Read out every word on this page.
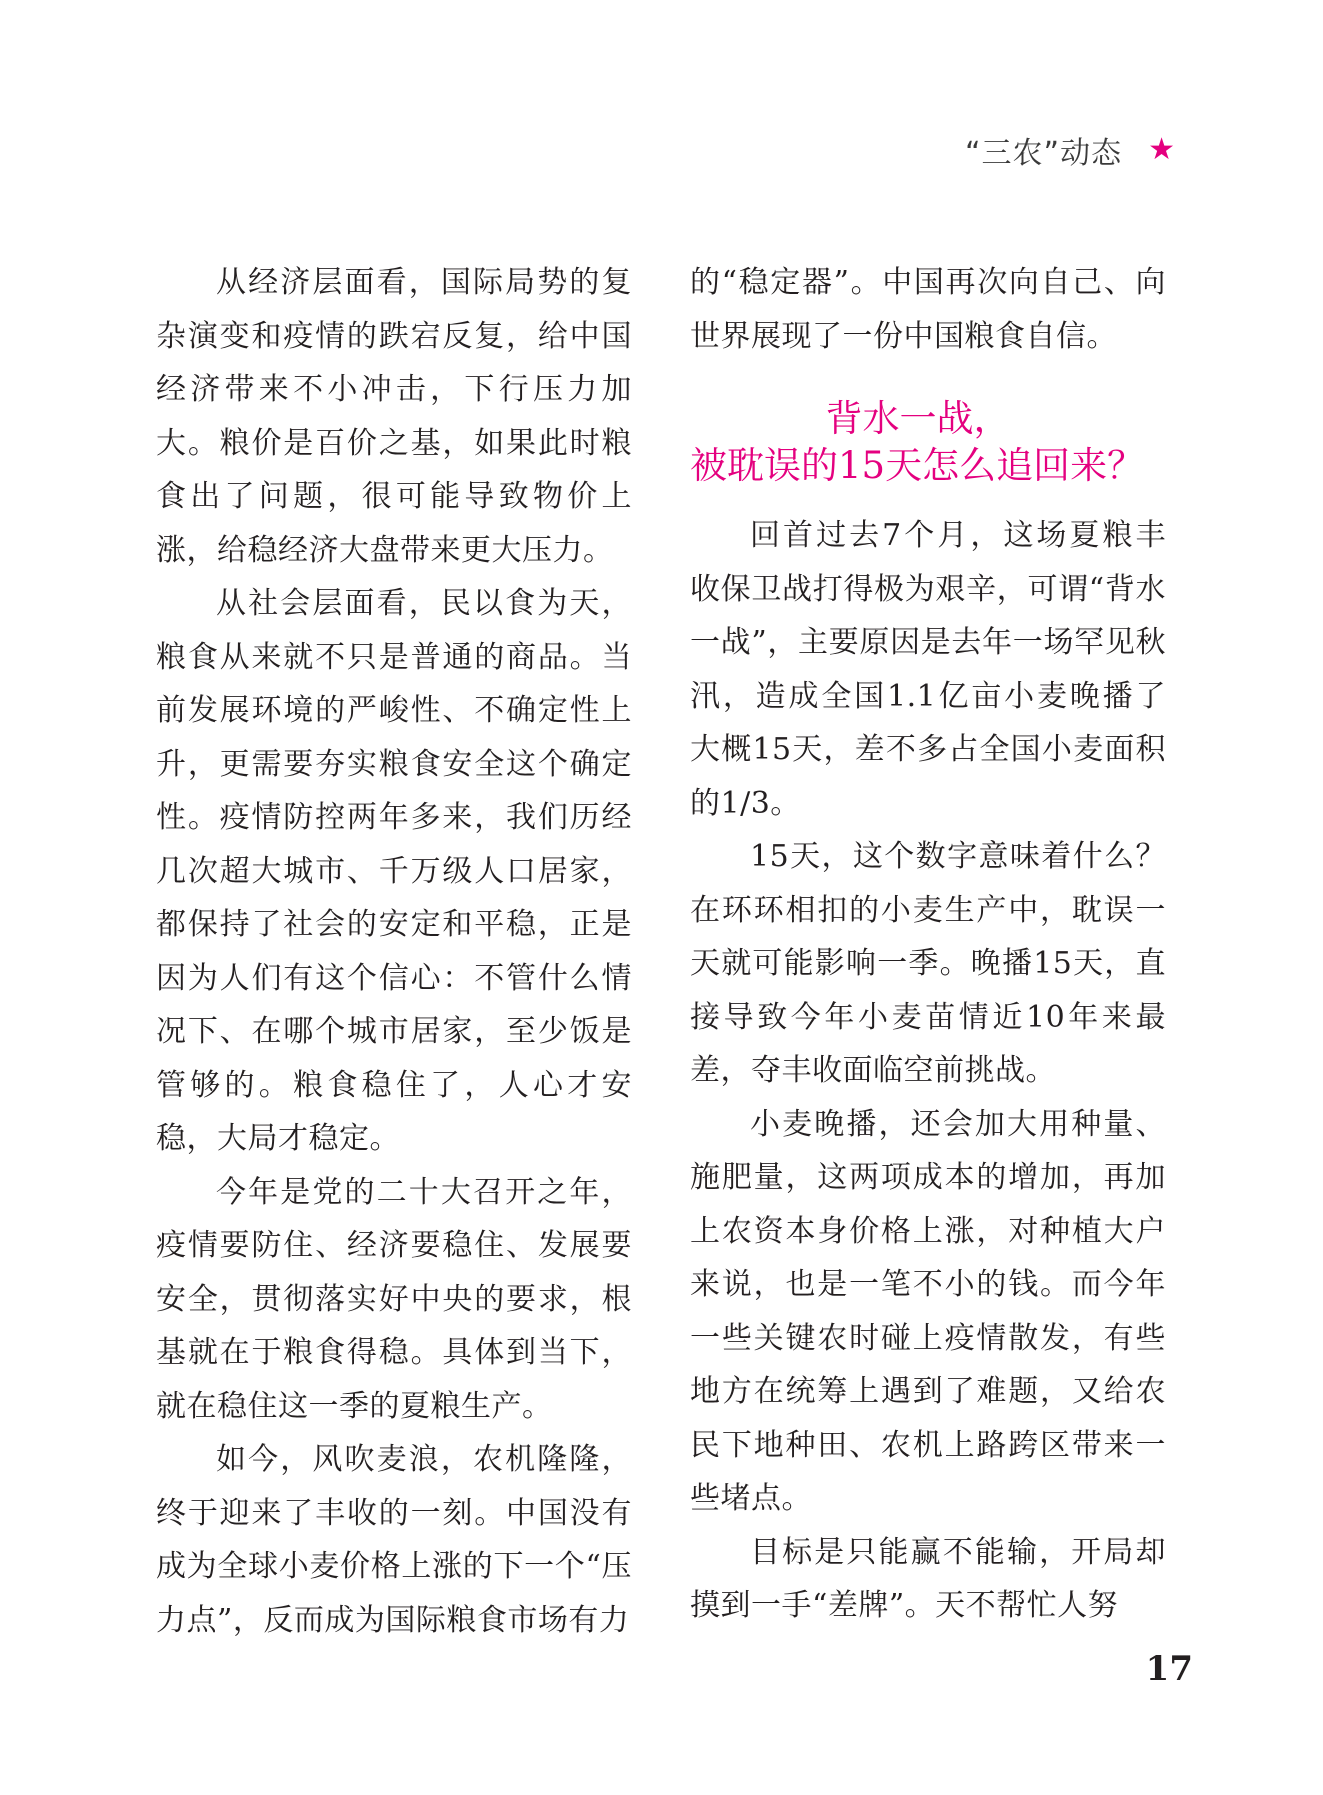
“三农”动态 ★

从经济层面看，国际局势的复杂演变和疫情的跌宕反复，给中国经济带来不小冲击，下行压力加大。粮价是百价之基，如果此时粮食出了问题，很可能导致物价上涨，给稳经济大盘带来更大压力。

从社会层面看，民以食为天，粮食从来就不只是普通的商品。当前发展环境的严峻性、不确定性上升，更需要夯实粮食安全这个确定性。疫情防控两年多来，我们历经几次超大城市、千万级人口居家，都保持了社会的安定和平稳，正是因为人们有这个信心：不管什么情况下、在哪个城市居家，至少饭是管够的。粮食稳住了，人心才安稳，大局才稳定。

今年是党的二十大召开之年，疫情要防住、经济要稳住、发展要安全，贯彻落实好中央的要求，根基就在于粮食得稳。具体到当下，就在稳住这一季的夏粮生产。

如今，风吹麦浪，农机隆隆，终于迎来了丰收的一刻。中国没有成为全球小麦价格上涨的下一个“压力点”，反而成为国际粮食市场有力

的“稳定器”。中国再次向自己、向世界展现了一份中国粮食自信。

背水一战，
被耽误的15天怎么追回来？

回首过去7个月，这场夏粮丰收保卫战打得极为艰辛，可谓“背水一战”，主要原因是去年一场罕见秋汛，造成全国1.1亿亩小麦晚播了大概15天，差不多占全国小麦面积的1/3。

15天，这个数字意味着什么？在环环相扣的小麦生产中，耽误一天就可能影响一季。晚播15天，直接导致今年小麦苗情近10年来最差，夺丰收面临空前挑战。

小麦晚播，还会加大用种量、施肥量，这两项成本的增加，再加上农资本身价格上涨，对种植大户来说，也是一笔不小的钱。而今年一些关键农时碰上疫情散发，有些地方在统筹上遇到了难题，又给农民下地种田、农机上路跨区带来一些堵点。

目标是只能赢不能输，开局却摸到一手“差牌”。天不帮忙人努

17
